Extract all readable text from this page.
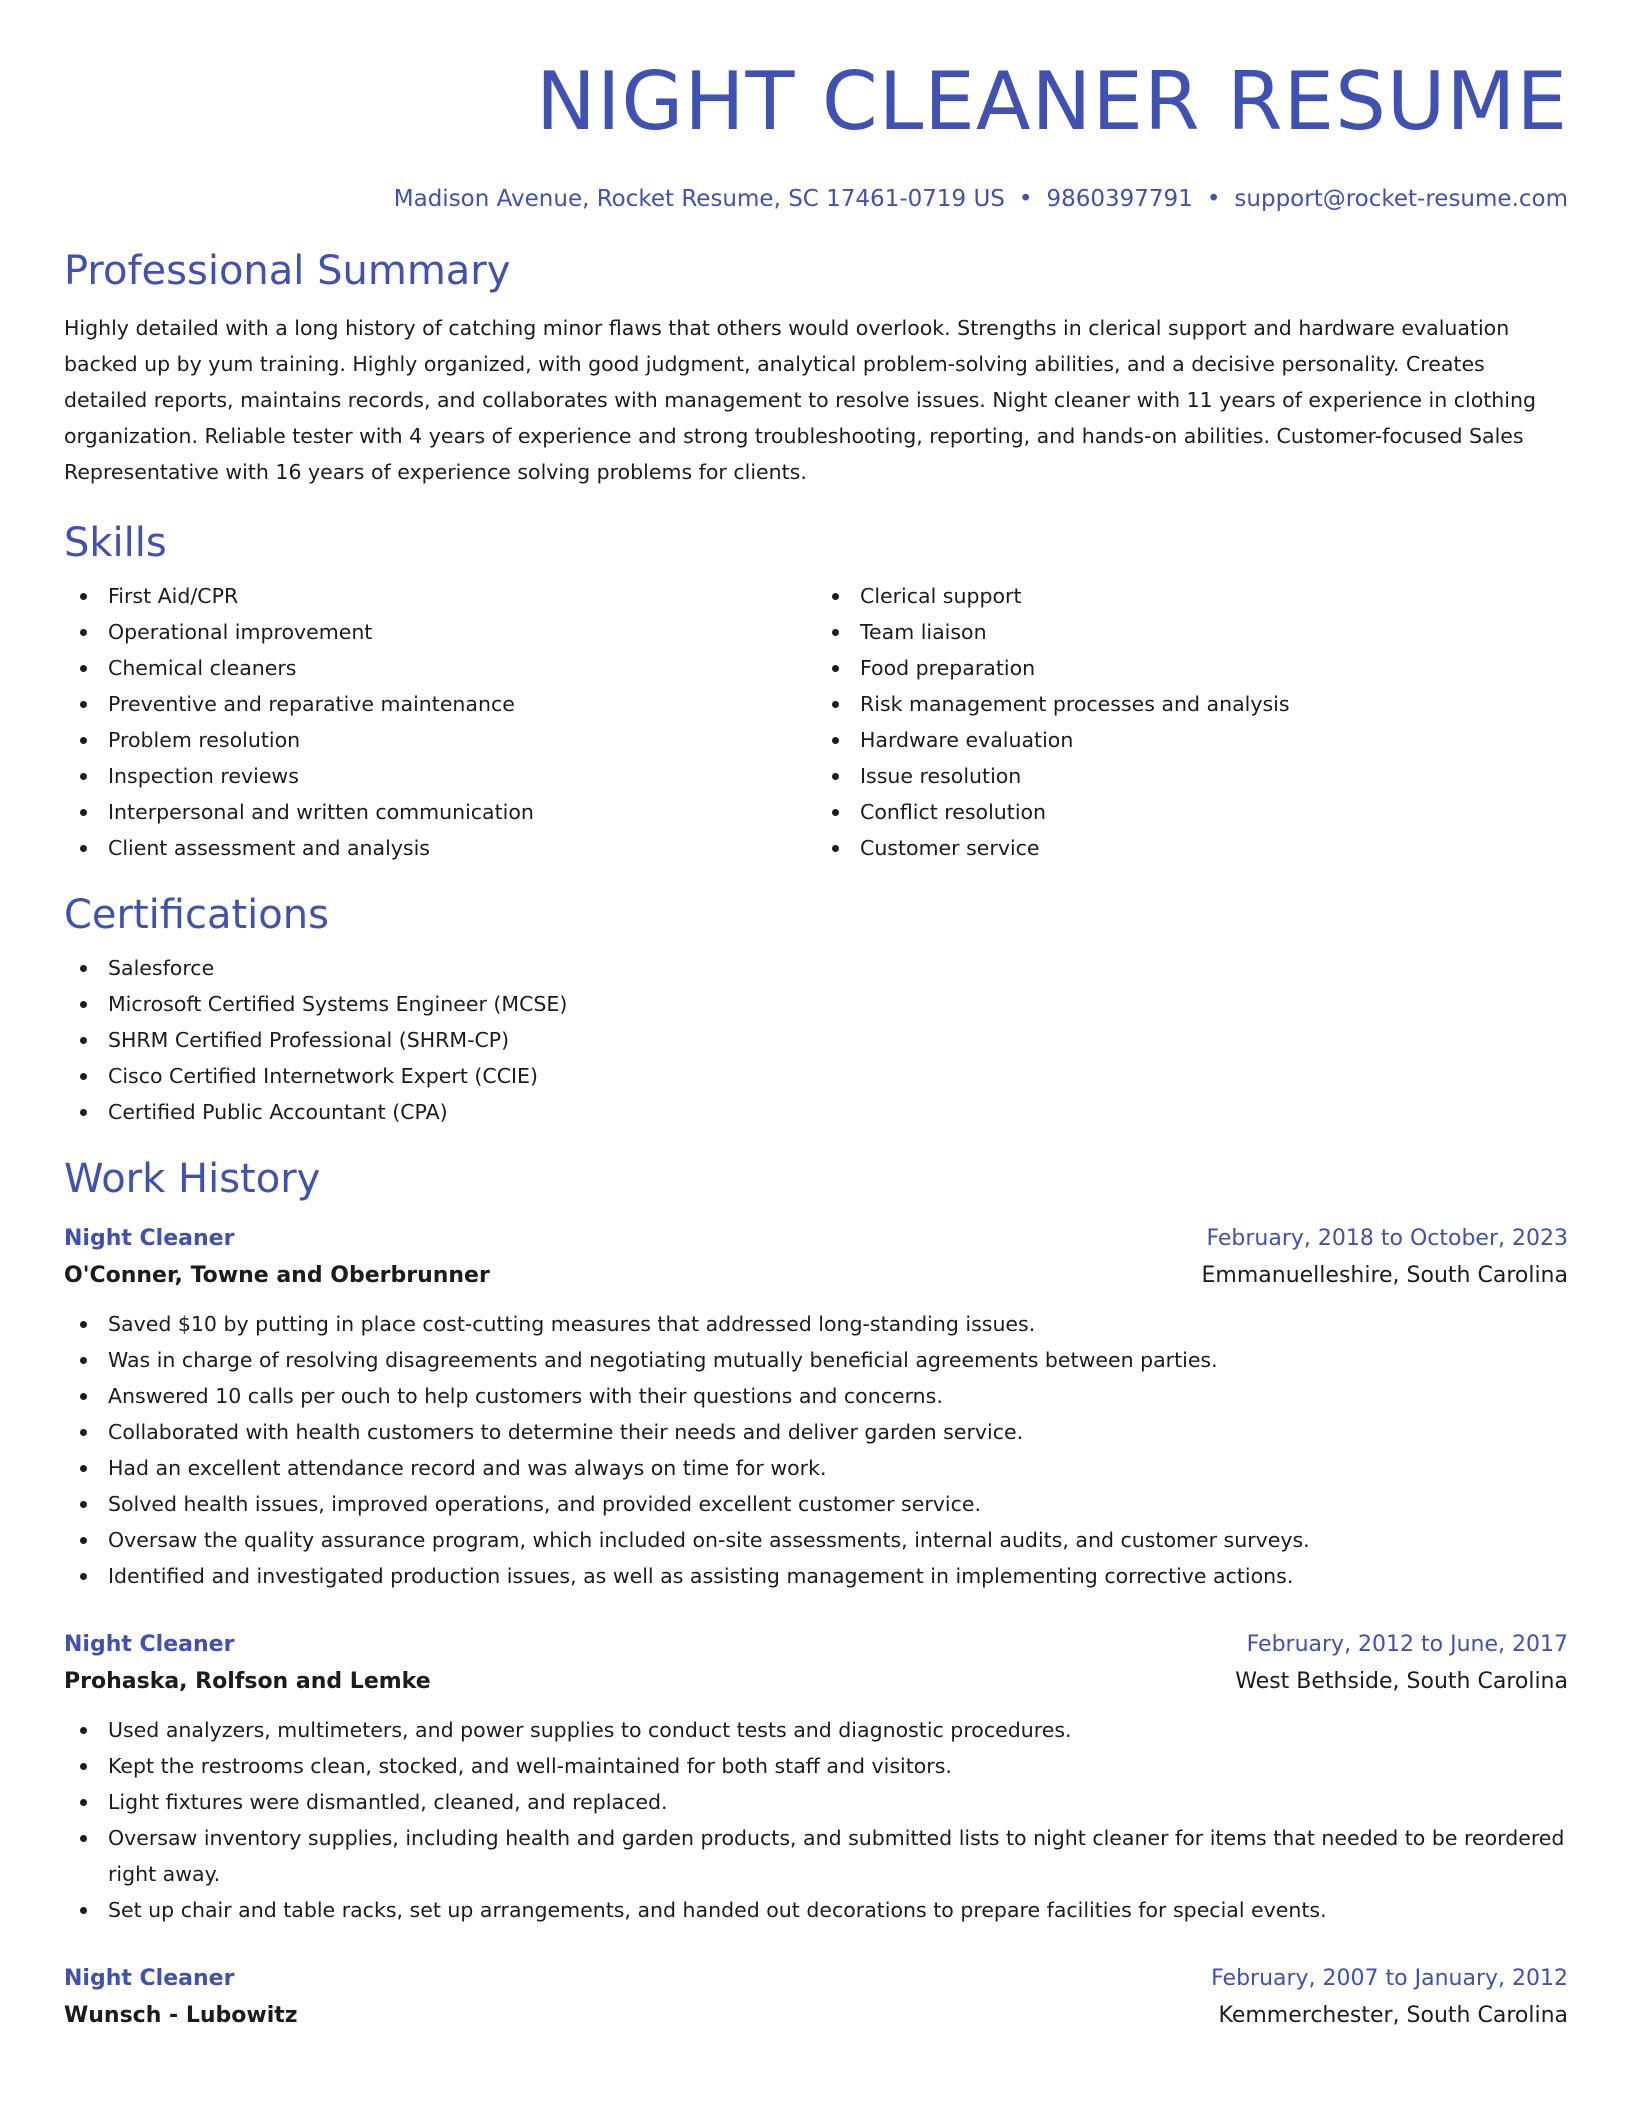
NIGHT CLEANER RESUME
Madison Avenue, Rocket Resume, SC 17461-0719 US • 9860397791 • support@rocket-resume.com
Professional Summary

Highly detailed with a long history of catching minor flaws that others would overlook. Strengths in clerical support and hardware evaluation backed up by yum training. Highly organized, with good judgment, analytical problem-solving abilities, and a decisive personality. Creates detailed reports, maintains records, and collaborates with management to resolve issues. Night cleaner with 11 years of experience in clothing organization. Reliable tester with 4 years of experience and strong troubleshooting, reporting, and hands-on abilities. Customer-focused Sales Representative with 16 years of experience solving problems for clients.

Skills
First Aid/CPR
Operational improvement
Chemical cleaners
Preventive and reparative maintenance
Problem resolution
Inspection reviews
Interpersonal and written communication
Client assessment and analysis
Clerical support
Team liaison
Food preparation
Risk management processes and analysis
Hardware evaluation
Issue resolution
Conflict resolution
Customer service
Certifications
Salesforce
Microsoft Certified Systems Engineer (MCSE)
SHRM Certified Professional (SHRM-CP)
Cisco Certified Internetwork Expert (CCIE)
Certified Public Accountant (CPA)
Work History
Night Cleaner	February, 2018 to October, 2023
O'Conner, Towne and Oberbrunner	Emmanuelleshire, South Carolina
Saved $10 by putting in place cost-cutting measures that addressed long-standing issues.
Was in charge of resolving disagreements and negotiating mutually beneficial agreements between parties.
Answered 10 calls per ouch to help customers with their questions and concerns.
Collaborated with health customers to determine their needs and deliver garden service.
Had an excellent attendance record and was always on time for work.
Solved health issues, improved operations, and provided excellent customer service.
Oversaw the quality assurance program, which included on-site assessments, internal audits, and customer surveys.
Identified and investigated production issues, as well as assisting management in implementing corrective actions.
Night Cleaner	February, 2012 to June, 2017
Prohaska, Rolfson and Lemke	West Bethside, South Carolina
Used analyzers, multimeters, and power supplies to conduct tests and diagnostic procedures.
Kept the restrooms clean, stocked, and well-maintained for both staff and visitors.
Light fixtures were dismantled, cleaned, and replaced.
Oversaw inventory supplies, including health and garden products, and submitted lists to night cleaner for items that needed to be reordered right away.
Set up chair and table racks, set up arrangements, and handed out decorations to prepare facilities for special events.
Night Cleaner	February, 2007 to January, 2012
Wunsch - Lubowitz	Kemmerchester, South Carolina
